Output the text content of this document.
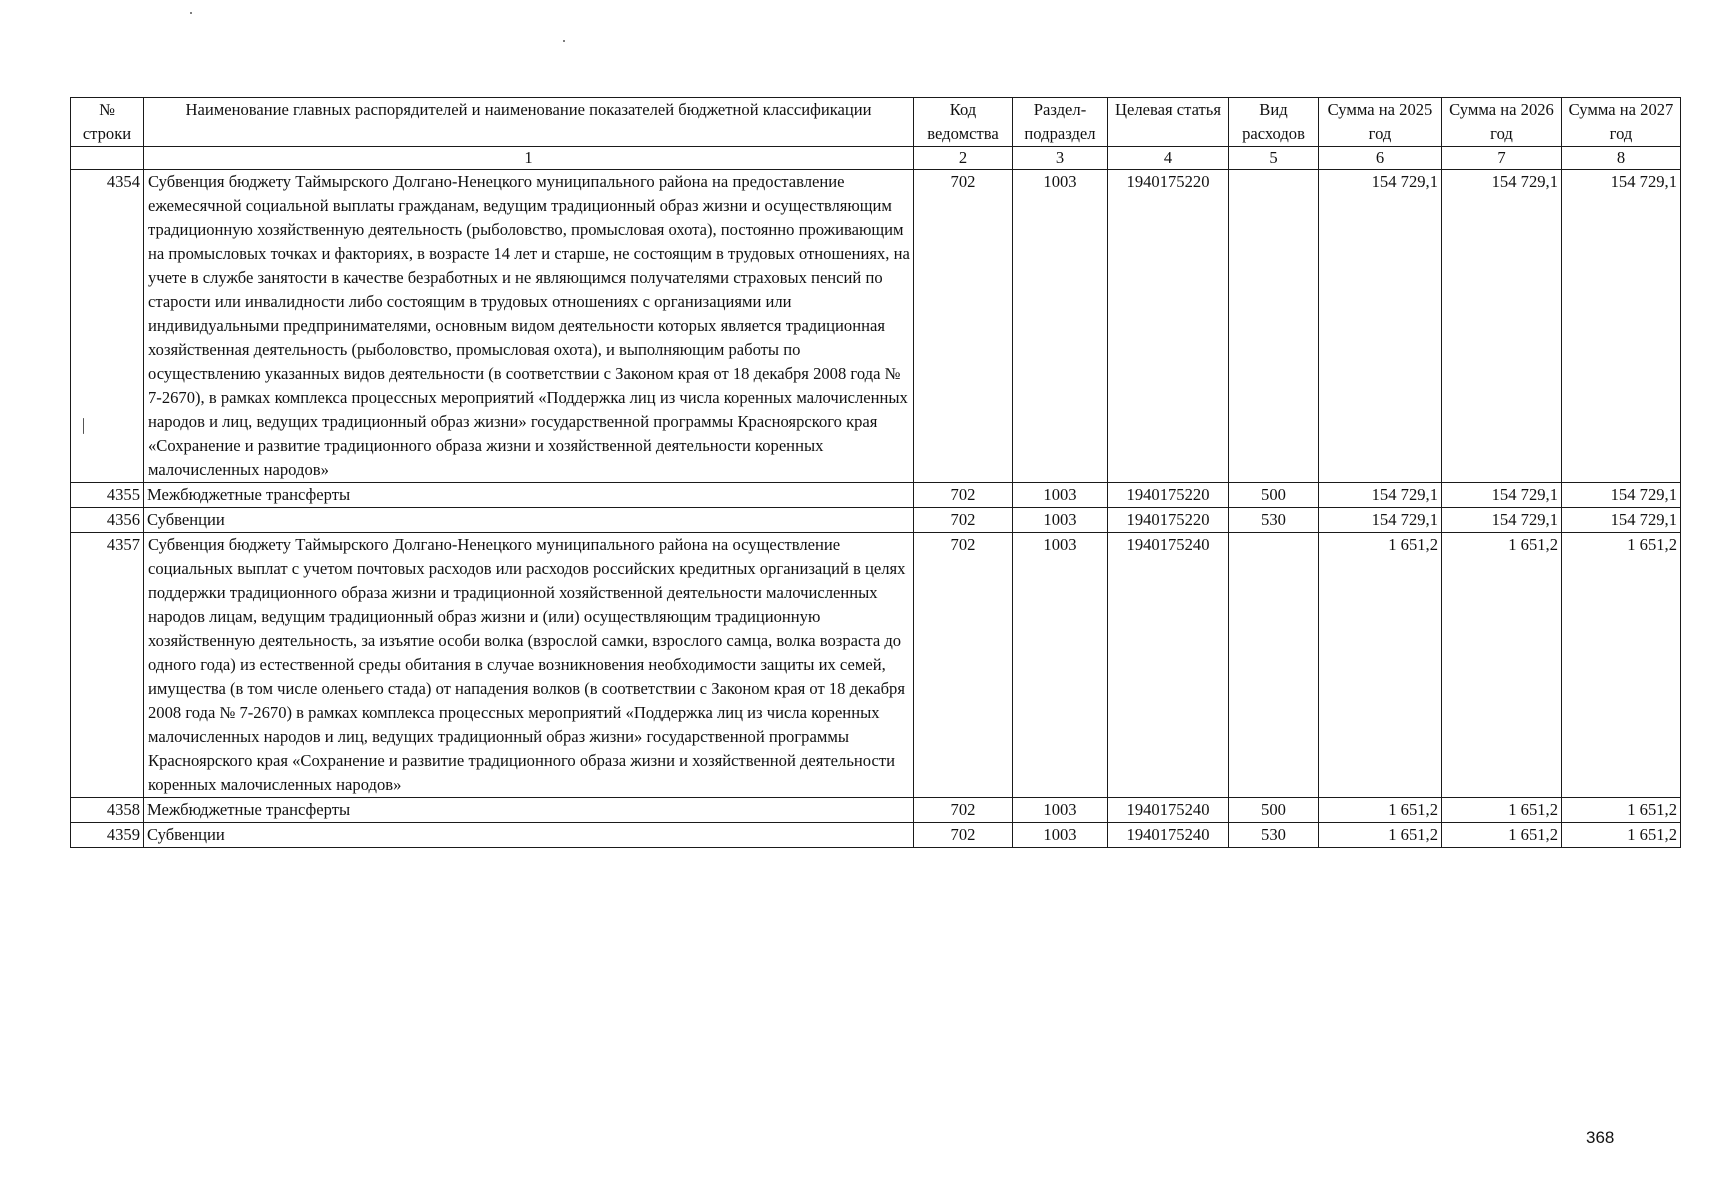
№ строки	Наименование главных распорядителей и наименование показателей бюджетной классификации	Код ведомства	Раздел-подраздел	Целевая статья	Вид расходов	Сумма на 2025 год	Сумма на 2026 год	Сумма на 2027 год
	1	2	3	4	5	6	7	8
4354	Субвенция бюджету Таймырского Долгано-Ненецкого муниципального района на предоставление ежемесячной социальной выплаты гражданам, ведущим традиционный образ жизни и осуществляющим традиционную хозяйственную деятельность (рыболовство, промысловая охота), постоянно проживающим на промысловых точках и факториях, в возрасте 14 лет и старше, не состоящим в трудовых отношениях, на учете в службе занятости в качестве безработных и не являющимся получателями страховых пенсий по старости или инвалидности либо состоящим в трудовых отношениях с организациями или индивидуальными предпринимателями, основным видом деятельности которых является традиционная хозяйственная деятельность (рыболовство, промысловая охота), и выполняющим работы по осуществлению указанных видов деятельности (в соответствии с Законом края от 18 декабря 2008 года № 7-2670), в рамках комплекса процессных мероприятий «Поддержка лиц из числа коренных малочисленных народов и лиц, ведущих традиционный образ жизни» государственной программы Красноярского края «Сохранение и развитие традиционного образа жизни и хозяйственной деятельности коренных малочисленных народов»	702	1003	1940175220		154 729,1	154 729,1	154 729,1
4355	Межбюджетные трансферты	702	1003	1940175220	500	154 729,1	154 729,1	154 729,1
4356	Субвенции	702	1003	1940175220	530	154 729,1	154 729,1	154 729,1
4357	Субвенция бюджету Таймырского Долгано-Ненецкого муниципального района на осуществление социальных выплат с учетом почтовых расходов или расходов российских кредитных организаций в целях поддержки традиционного образа жизни и традиционной хозяйственной деятельности малочисленных народов лицам, ведущим традиционный образ жизни и (или) осуществляющим традиционную хозяйственную деятельность, за изъятие особи волка (взрослой самки, взрослого самца, волка возраста до одного года) из естественной среды обитания в случае возникновения необходимости защиты их семей, имущества (в том числе оленьего стада) от нападения волков (в соответствии с Законом края от 18 декабря 2008 года № 7-2670) в рамках комплекса процессных мероприятий «Поддержка лиц из числа коренных малочисленных народов и лиц, ведущих традиционный образ жизни» государственной программы Красноярского края «Сохранение и развитие традиционного образа жизни и хозяйственной деятельности коренных малочисленных народов»	702	1003	1940175240		1 651,2	1 651,2	1 651,2
4358	Межбюджетные трансферты	702	1003	1940175240	500	1 651,2	1 651,2	1 651,2
4359	Субвенции	702	1003	1940175240	530	1 651,2	1 651,2	1 651,2
368
